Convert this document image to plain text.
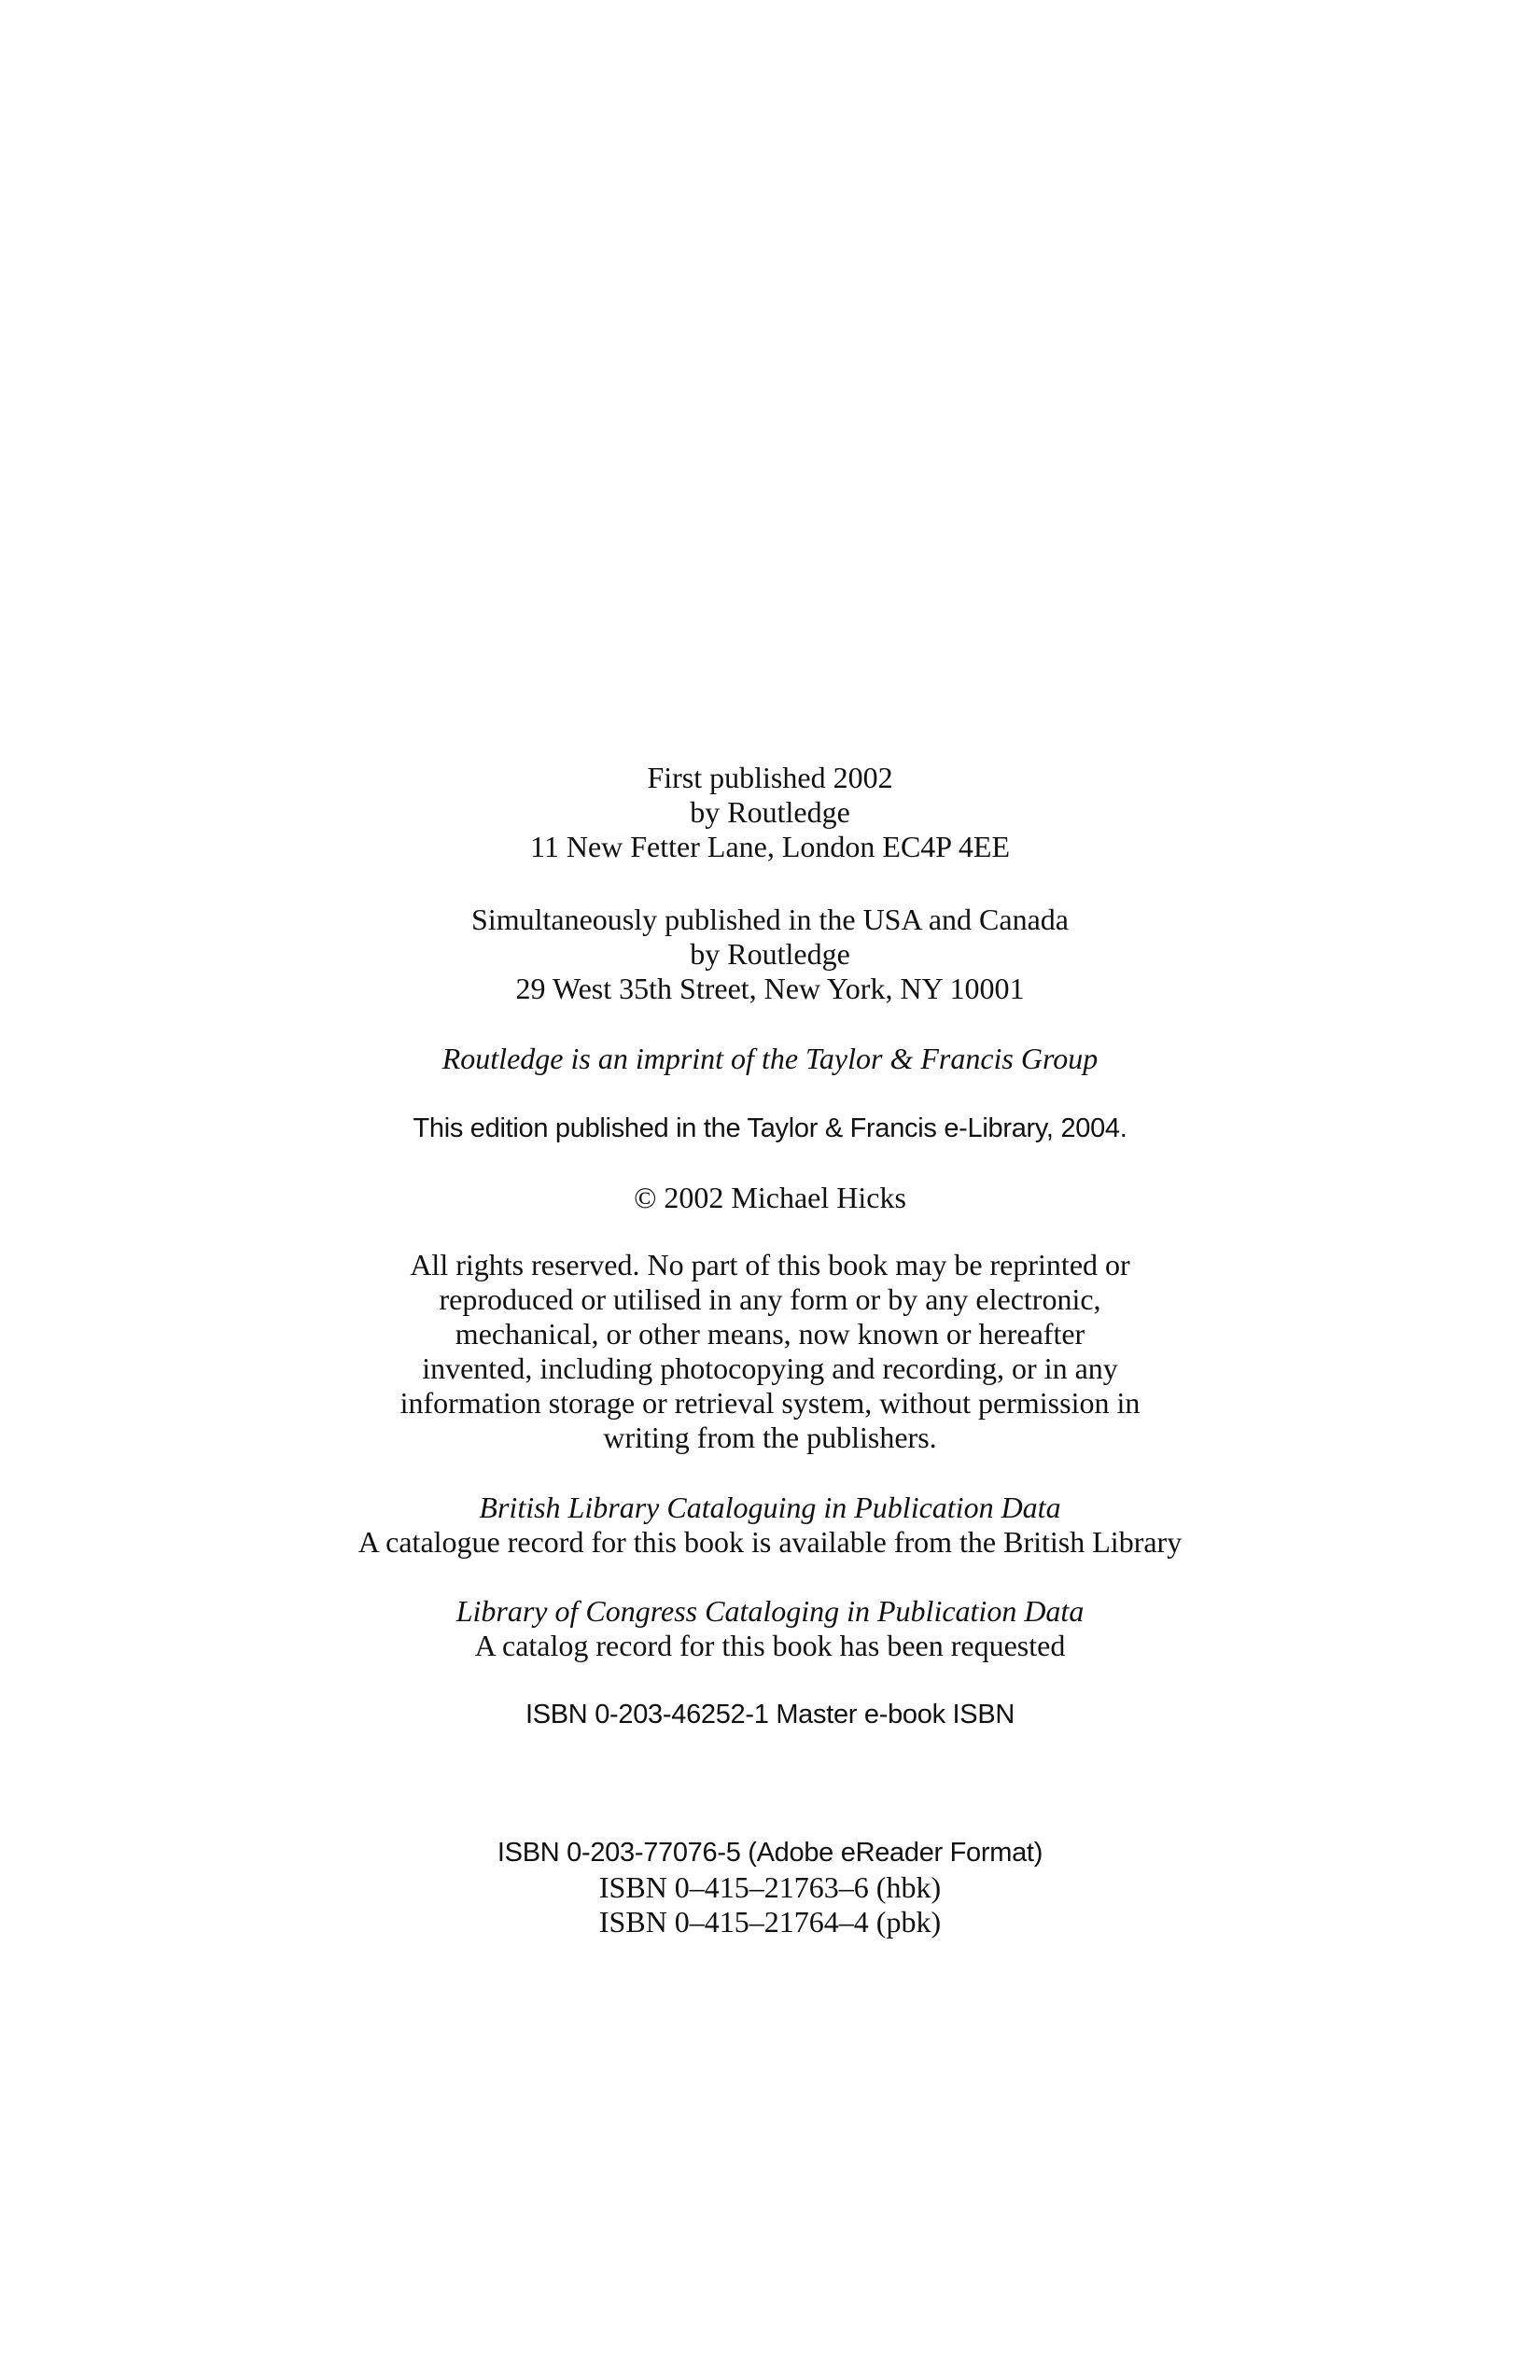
First published 2002
by Routledge
11 New Fetter Lane, London EC4P 4EE
Simultaneously published in the USA and Canada
by Routledge
29 West 35th Street, New York, NY 10001
Routledge is an imprint of the Taylor & Francis Group
This edition published in the Taylor & Francis e-Library, 2004.
© 2002 Michael Hicks
All rights reserved. No part of this book may be reprinted or
reproduced or utilised in any form or by any electronic,
mechanical, or other means, now known or hereafter
invented, including photocopying and recording, or in any
information storage or retrieval system, without permission in
writing from the publishers.
British Library Cataloguing in Publication Data
A catalogue record for this book is available from the British Library
Library of Congress Cataloging in Publication Data
A catalog record for this book has been requested
ISBN 0-203-46252-1 Master e-book ISBN
ISBN 0-203-77076-5 (Adobe eReader Format)
ISBN 0–415–21763–6 (hbk)
ISBN 0–415–21764–4 (pbk)
